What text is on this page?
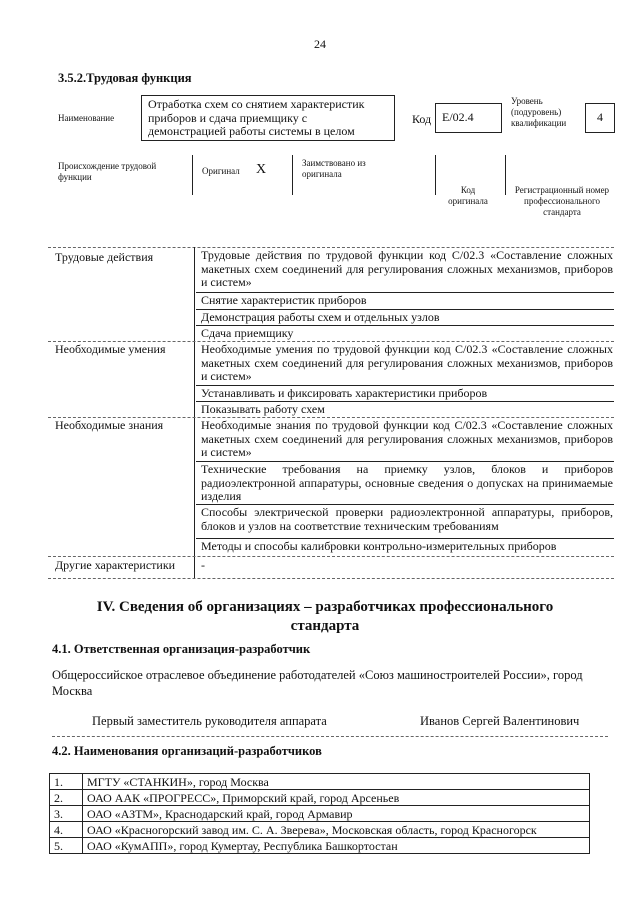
24
3.5.2.Трудовая функция
Наименование
Отработка схем со снятием характеристик приборов и сдача приемщику с демонстрацией работы системы в целом
Код E/02.4
Уровень (подуровень) квалификации	4
Происхождение трудовой функции
Оригинал X	Заимствовано из оригинала
Код оригинала
Регистрационный номер профессионального стандарта
Трудовые действия	Трудовые действия по трудовой функции код С/02.3 «Составление сложных макетных схем соединений для регулирования сложных механизмов, приборов и систем»
Снятие характеристик приборов
Демонстрация работы схем и отдельных узлов
Сдача приемщику
Необходимые умения	Необходимые умения по трудовой функции код С/02.3 «Составление сложных макетных схем соединений для регулирования сложных механизмов, приборов и систем»
Устанавливать и фиксировать характеристики приборов
Показывать работу схем
Необходимые знания	Необходимые знания по трудовой функции код С/02.3 «Составление сложных макетных схем соединений для регулирования сложных механизмов, приборов и систем»
Технические требования на приемку узлов, блоков и приборов радиоэлектронной аппаратуры, основные сведения о допусках на принимаемые изделия
Способы электрической проверки радиоэлектронной аппаратуры, приборов, блоков и узлов на соответствие техническим требованиям
Методы и способы калибровки контрольно-измерительных приборов
Другие характеристики -
IV. Сведения об организациях – разработчиках профессионального стандарта
4.1. Ответственная организация-разработчик
Общероссийское отраслевое объединение работодателей «Союз машиностроителей России», город Москва
Первый заместитель руководителя аппарата	Иванов Сергей Валентинович
4.2. Наименования организаций-разработчиков
1.	МГТУ «СТАНКИН», город Москва
2.	ОАО ААК «ПРОГРЕСС», Приморский край, город Арсеньев
3.	ОАО «АЗТМ», Краснодарский край, город Армавир
4.	ОАО «Красногорский завод им. С. А. Зверева», Московская область, город Красногорск
5.	ОАО «КумАПП», город Кумертау, Республика Башкортостан
